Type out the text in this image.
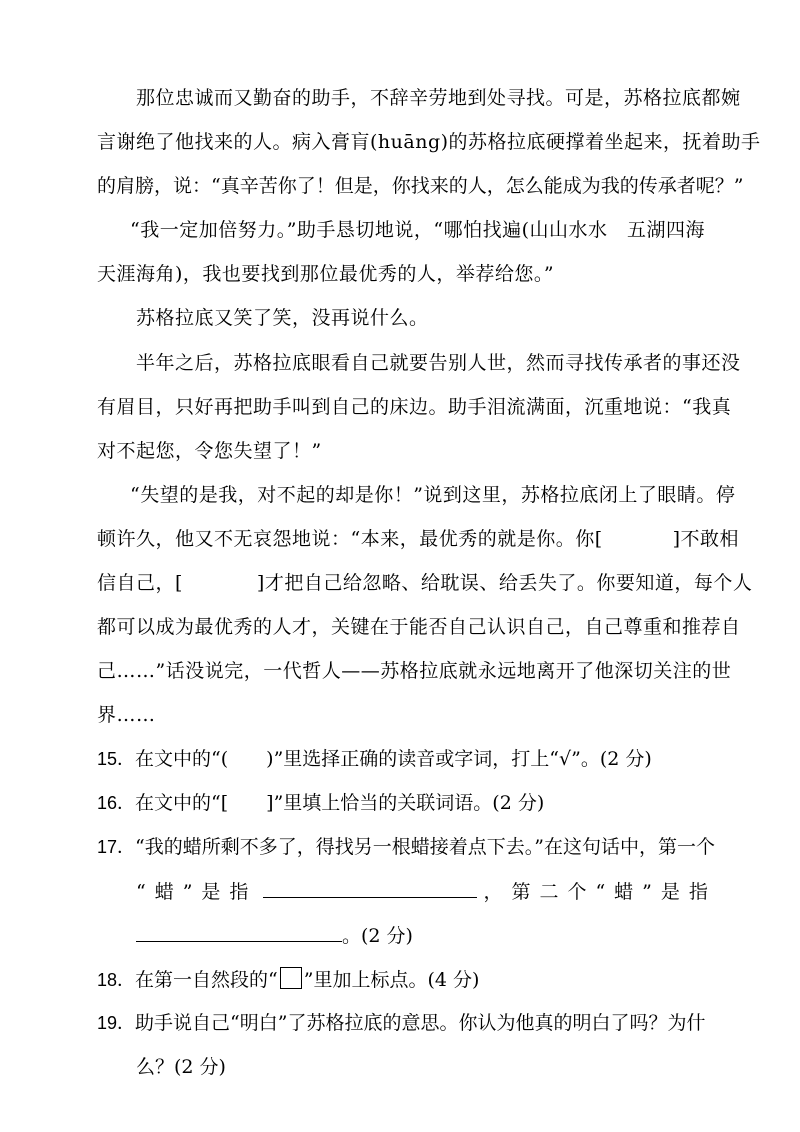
那位忠诚而又勤奋的助手，不辞辛劳地到处寻找。可是，苏格拉底都婉
言谢绝了他找来的人。病入膏肓(huāng)的苏格拉底硬撑着坐起来，抚着助手
的肩膀，说：“真辛苦你了！但是，你找来的人，怎么能成为我的传承者呢？”
“我一定加倍努力。”助手恳切地说，“哪怕找遍(山山水水　五湖四海
天涯海角)，我也要找到那位最优秀的人，举荐给您。”
苏格拉底又笑了笑，没再说什么。
半年之后，苏格拉底眼看自己就要告别人世，然而寻找传承者的事还没
有眉目，只好再把助手叫到自己的床边。助手泪流满面，沉重地说：“我真
对不起您，令您失望了！”
“失望的是我，对不起的却是你！”说到这里，苏格拉底闭上了眼睛。停
顿许久，他又不无哀怨地说：“本来，最优秀的就是你。你[	]不敢相
信自己，[	]才把自己给忽略、给耽误、给丢失了。你要知道，每个人
都可以成为最优秀的人才，关键在于能否自己认识自己，自己尊重和推荐自
己……”话没说完，一代哲人——苏格拉底就永远地离开了他深切关注的世
界……
15．在文中的“(　　)”里选择正确的读音或字词，打上“√”。(2 分)
16．在文中的“[　　]”里填上恰当的关联词语。(2 分)
17．“我的蜡所剩不多了，得找另一根蜡接着点下去。”在这句话中，第一个
“蜡”是指	，第二个“蜡”是指
。(2 分)
18．在第一自然段的“ ”里加上标点。(4 分)
19．助手说自己“明白”了苏格拉底的意思。你认为他真的明白了吗？为什
么？(2 分)
